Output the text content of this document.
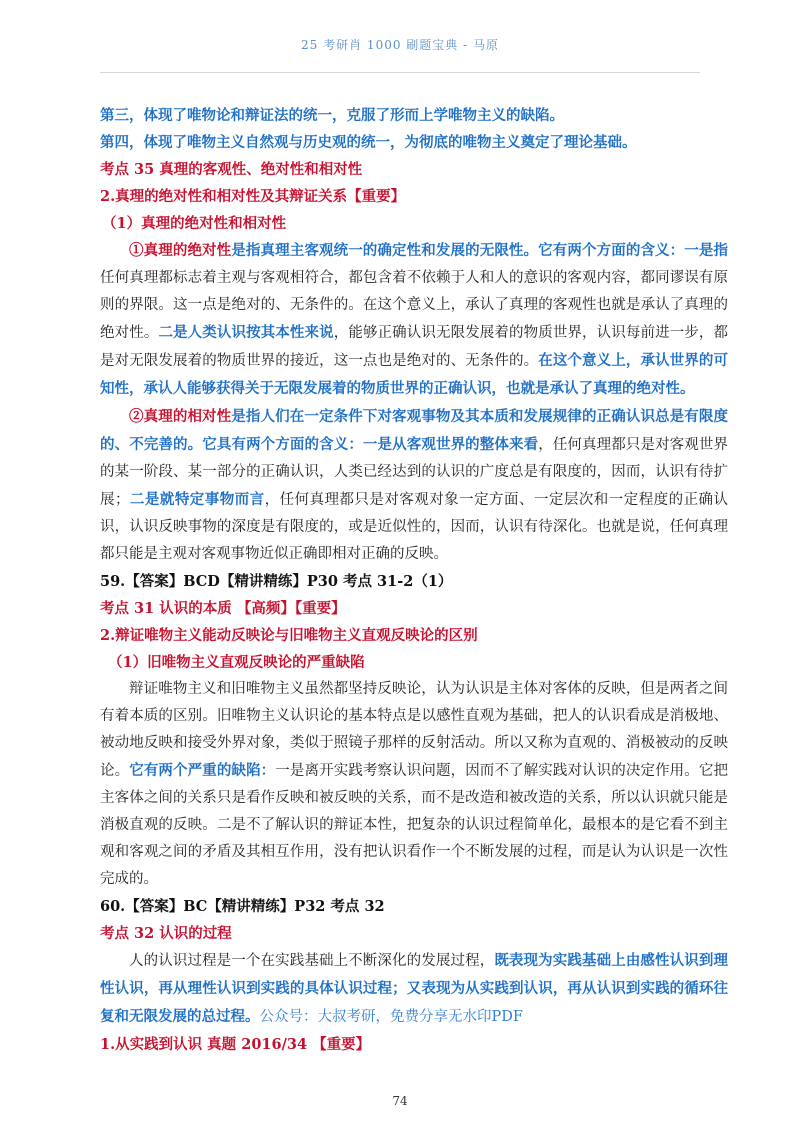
25 考研肖 1000 刷题宝典 - 马原
第三，体现了唯物论和辩证法的统一，克服了形而上学唯物主义的缺陷。
第四，体现了唯物主义自然观与历史观的统一，为彻底的唯物主义奠定了理论基础。
考点 35 真理的客观性、绝对性和相对性
2.真理的绝对性和相对性及其辩证关系【重要】
（1）真理的绝对性和相对性
①真理的绝对性是指真理主客观统一的确定性和发展的无限性。它有两个方面的含义：一是指任何真理都标志着主观与客观相符合，都包含着不依赖于人和人的意识的客观内容，都同谬误有原则的界限。这一点是绝对的、无条件的。在这个意义上，承认了真理的客观性也就是承认了真理的绝对性。二是人类认识按其本性来说，能够正确认识无限发展着的物质世界，认识每前进一步，都是对无限发展着的物质世界的接近，这一点也是绝对的、无条件的。在这个意义上，承认世界的可知性，承认人能够获得关于无限发展着的物质世界的正确认识，也就是承认了真理的绝对性。
②真理的相对性是指人们在一定条件下对客观事物及其本质和发展规律的正确认识总是有限度的、不完善的。它具有两个方面的含义：一是从客观世界的整体来看，任何真理都只是对客观世界的某一阶段、某一部分的正确认识，人类已经达到的认识的广度总是有限度的，因而，认识有待扩展；二是就特定事物而言，任何真理都只是对客观对象一定方面、一定层次和一定程度的正确认识，认识反映事物的深度是有限度的，或是近似性的，因而，认识有待深化。也就是说，任何真理都只能是主观对客观事物近似正确即相对正确的反映。
59.【答案】BCD【精讲精练】P30 考点 31-2（1）
考点 31 认识的本质 【高频】【重要】
2.辩证唯物主义能动反映论与旧唯物主义直观反映论的区别
（1）旧唯物主义直观反映论的严重缺陷
辩证唯物主义和旧唯物主义虽然都坚持反映论，认为认识是主体对客体的反映，但是两者之间有着本质的区别。旧唯物主义认识论的基本特点是以感性直观为基础，把人的认识看成是消极地、被动地反映和接受外界对象，类似于照镜子那样的反射活动。所以又称为直观的、消极被动的反映论。它有两个严重的缺陷：一是离开实践考察认识问题，因而不了解实践对认识的决定作用。它把主客体之间的关系只是看作反映和被反映的关系，而不是改造和被改造的关系，所以认识就只能是消极直观的反映。二是不了解认识的辩证本性，把复杂的认识过程简单化，最根本的是它看不到主观和客观之间的矛盾及其相互作用，没有把认识看作一个不断发展的过程，而是认为认识是一次性完成的。
60.【答案】BC【精讲精练】P32 考点 32
考点 32 认识的过程
人的认识过程是一个在实践基础上不断深化的发展过程，既表现为实践基础上由感性认识到理性认识，再从理性认识到实践的具体认识过程；又表现为从实践到认识，再从认识到实践的循环往复和无限发展的总过程。公众号：大叔考研，免费分享无水印PDF
1.从实践到认识 真题 2016/34 【重要】
74
